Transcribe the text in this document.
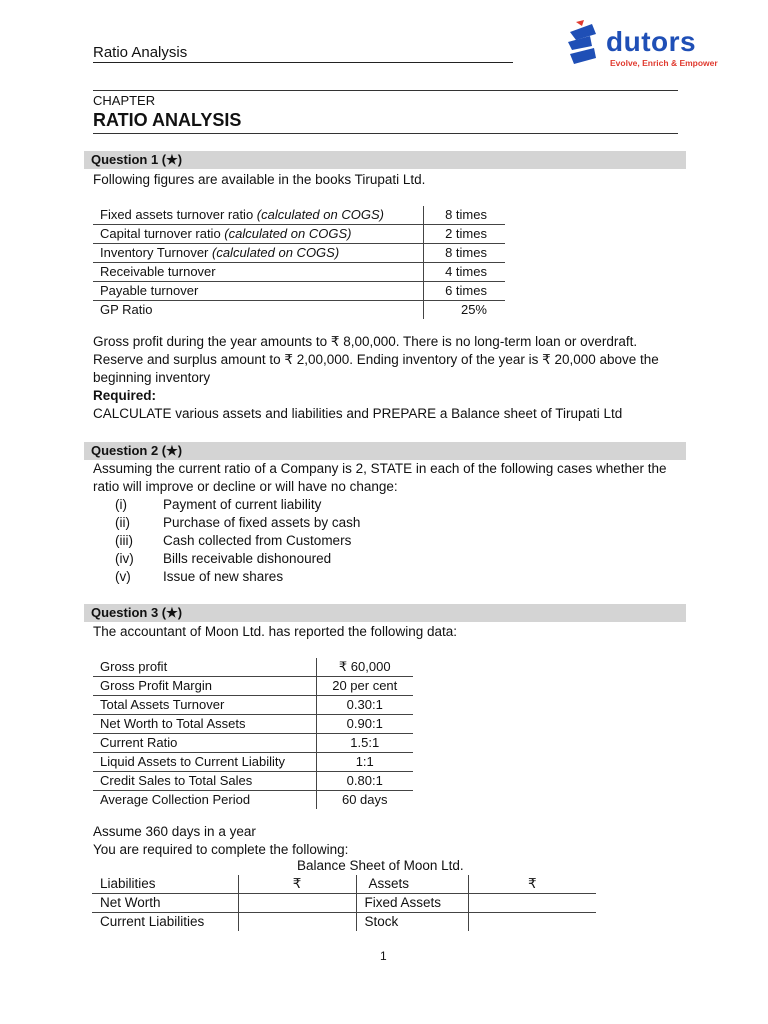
Ratio Analysis	dutors
Evolve, Enrich & Empower
CHAPTER
RATIO ANALYSIS
Question 1 (★)
Following figures are available in the books Tirupati Ltd.
Fixed assets turnover ratio (calculated on COGS)	8 times
Capital turnover ratio (calculated on COGS)	2 times
Inventory Turnover (calculated on COGS)	8 times
Receivable turnover	4 times
Payable turnover	6 times
GP Ratio	25%
Gross profit during the year amounts to ₹ 8,00,000. There is no long-term loan or overdraft. Reserve and surplus amount to ₹ 2,00,000. Ending inventory of the year is ₹ 20,000 above the beginning inventory
Required:
CALCULATE various assets and liabilities and PREPARE a Balance sheet of Tirupati Ltd
Question 2 (★)
Assuming the current ratio of a Company is 2, STATE in each of the following cases whether the ratio will improve or decline or will have no change:
(i)	Payment of current liability
(ii)	Purchase of fixed assets by cash
(iii)	Cash collected from Customers
(iv)	Bills receivable dishonoured
(v)	Issue of new shares
Question 3 (★)
The accountant of Moon Ltd. has reported the following data:
Gross profit	₹ 60,000
Gross Profit Margin	20 per cent
Total Assets Turnover	0.30:1
Net Worth to Total Assets	0.90:1
Current Ratio	1.5:1
Liquid Assets to Current Liability	1:1
Credit Sales to Total Sales	0.80:1
Average Collection Period	60 days
Assume 360 days in a year
You are required to complete the following:
Balance Sheet of Moon Ltd.
Liabilities	₹	Assets	₹
Net Worth		Fixed Assets	
Current Liabilities		Stock	
1
